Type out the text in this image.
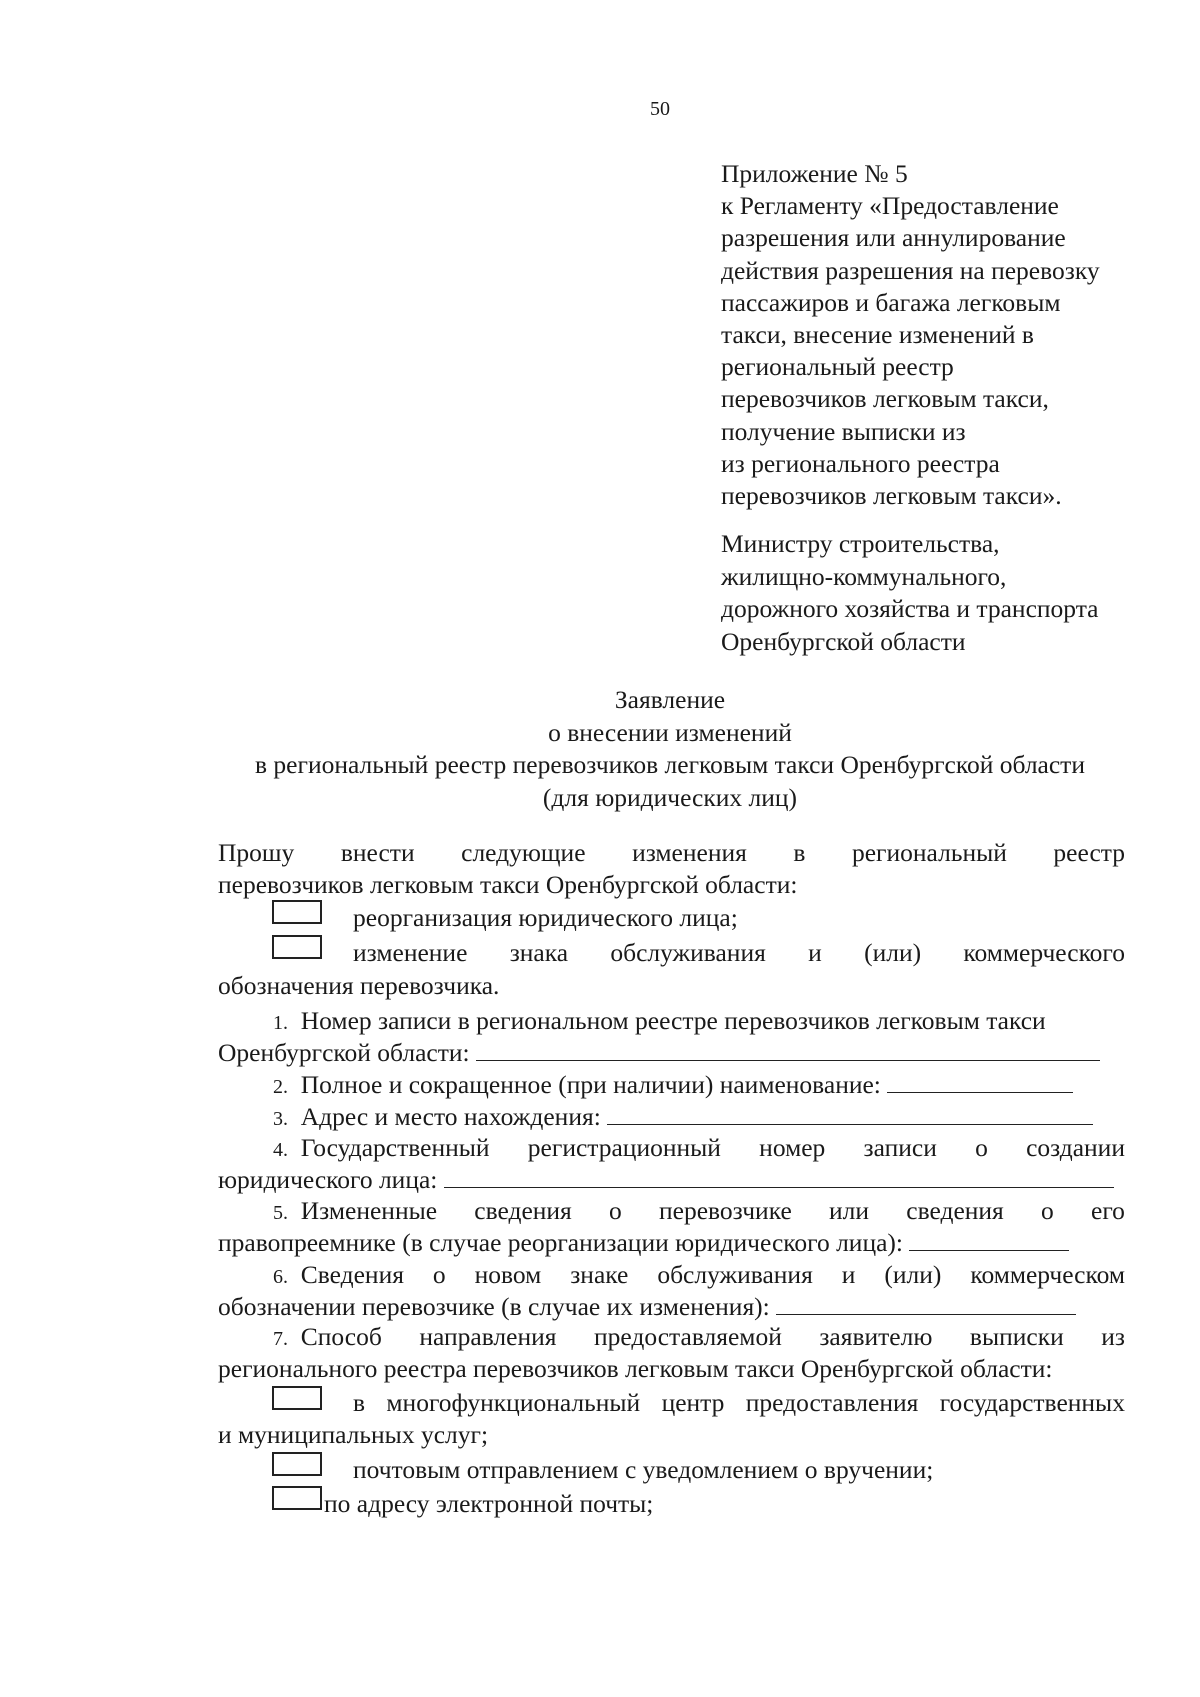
50
Приложение № 5
к Регламенту «Предоставление
разрешения или аннулирование
действия разрешения на перевозку
пассажиров и багажа легковым
такси, внесение изменений в
региональный реестр
перевозчиков легковым такси,
получение выписки из
из регионального реестра
перевозчиков легковым такси».
Министру строительства,
жилищно-коммунального,
дорожного хозяйства и транспорта
Оренбургской области
Заявление
о внесении изменений
в региональный реестр перевозчиков легковым такси Оренбургской области
(для юридических лиц)
Прошу внести следующие изменения в региональный реестр
перевозчиков легковым такси Оренбургской области:
реорганизация юридического лица;
изменение знака обслуживания и (или) коммерческого
обозначения перевозчика.
1. Номер записи в региональном реестре перевозчиков легковым такси
Оренбургской области:
2. Полное и сокращенное (при наличии) наименование:
3. Адрес и место нахождения:
4. Государственный регистрационный номер записи о создании
юридического лица:
5. Измененные сведения о перевозчике или сведения о его
правопреемнике (в случае реорганизации юридического лица):
6. Сведения о новом знаке обслуживания и (или) коммерческом
обозначении перевозчике (в случае их изменения):
7. Способ направления предоставляемой заявителю выписки из
регионального реестра перевозчиков легковым такси Оренбургской области:
в многофункциональный центр предоставления государственных
и муниципальных услуг;
почтовым отправлением с уведомлением о вручении;
по адресу электронной почты;
